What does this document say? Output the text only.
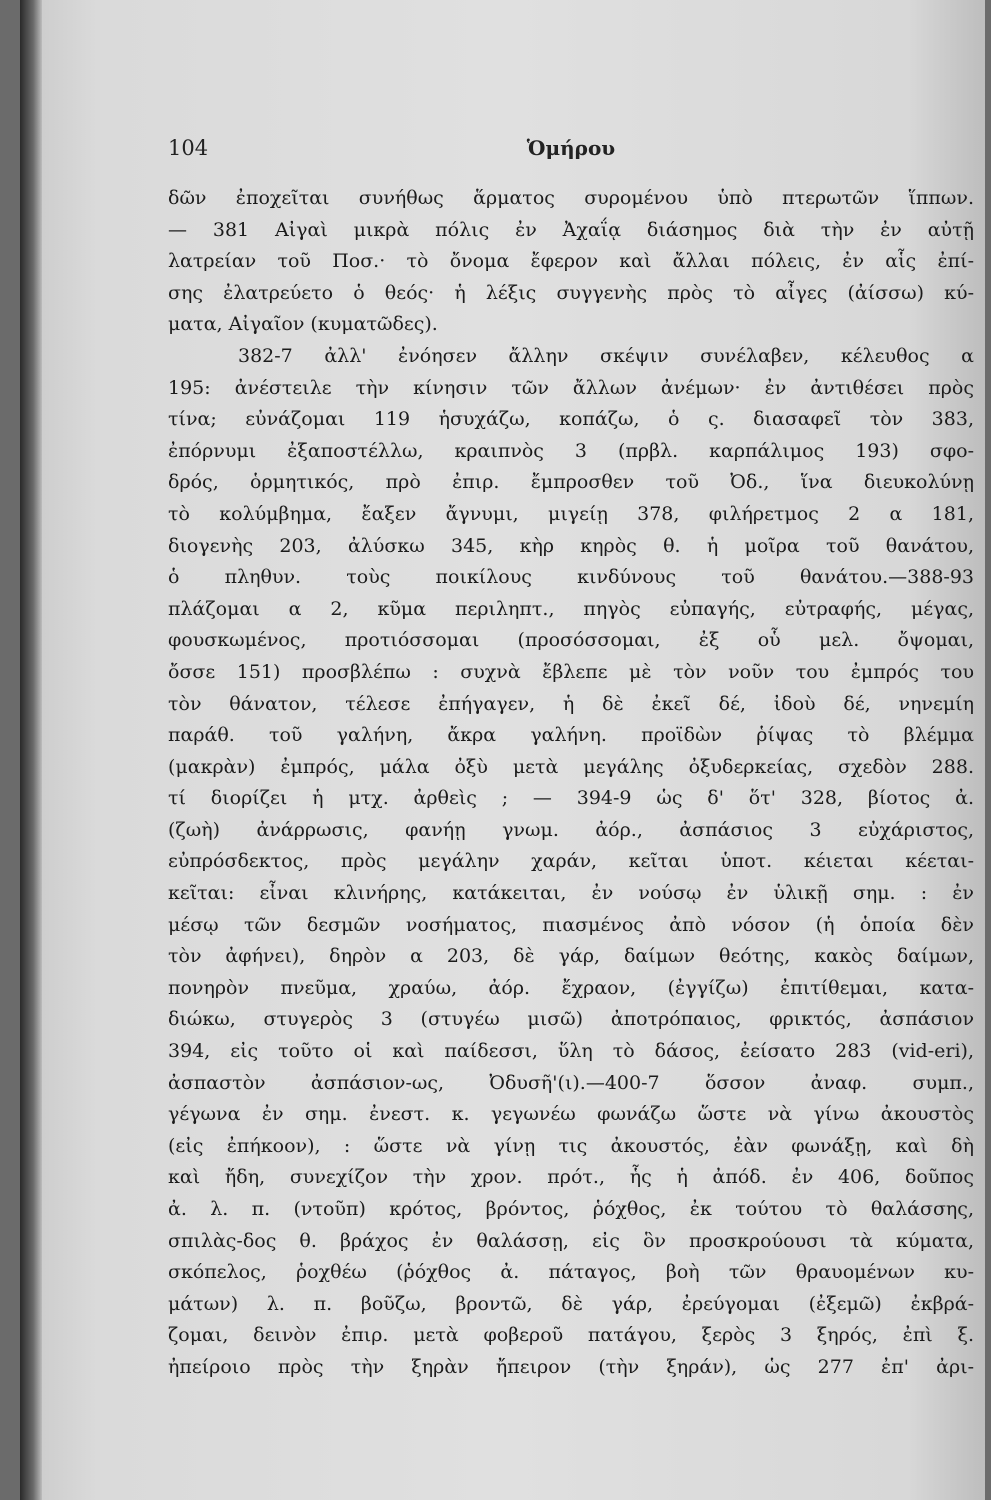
104	Ὁμήρου
δῶν ἐποχεῖται συνήθως ἅρματος συρομένου ὑπὸ πτερωτῶν ἵππων.
— 381 Αἰγαὶ μικρὰ πόλις ἐν Ἀχαΐᾳ διάσημος διὰ τὴν ἐν αὐτῇ
λατρείαν τοῦ Ποσ.· τὸ ὄνομα ἔφερον καὶ ἄλλαι πόλεις, ἐν αἷς ἐπί-
σης ἐλατρεύετο ὁ θεός· ἡ λέξις συγγενὴς πρὸς τὸ αἶγες (ἀίσσω) κύ-
ματα, Αἰγαῖον (κυματῶδες).
382-7 ἀλλ' ἐνόησεν ἄλλην σκέψιν συνέλαβεν, κέλευθος α
195: ἀνέστειλε τὴν κίνησιν τῶν ἄλλων ἀνέμων· ἐν ἀντιθέσει πρὸς
τίνα; εὐνάζομαι 119 ἡσυχάζω, κοπάζω, ὁ ς. διασαφεῖ τὸν 383,
ἐπόρνυμι ἐξαποστέλλω, κραιπνὸς 3 (πρβλ. καρπάλιμος 193) σφο-
δρός, ὁρμητικός, πρὸ ἐπιρ. ἔμπροσθεν τοῦ Ὀδ., ἵνα διευκολύνῃ
τὸ κολύμβημα, ἔαξεν ἄγνυμι, μιγείῃ 378, φιλήρετμος 2 α 181,
διογενὴς 203, ἀλύσκω 345, κὴρ κηρὸς θ. ἡ μοῖρα τοῦ θανάτου,
ὁ πληθυν. τοὺς ποικίλους κινδύνους τοῦ θανάτου.—388-93
πλάζομαι α 2, κῦμα περιληπτ., πηγὸς εὐπαγής, εὐτραφής, μέγας,
φουσκωμένος, προτιόσσομαι (προσόσσομαι, ἐξ οὗ μελ. ὄψομαι,
ὄσσε 151) προσβλέπω : συχνὰ ἔβλεπε μὲ τὸν νοῦν του ἐμπρός του
τὸν θάνατον, τέλεσε ἐπήγαγεν, ἡ δὲ ἐκεῖ δέ, ἰδοὺ δέ, νηνεμίη
παράθ. τοῦ γαλήνη, ἄκρα γαλήνη. προϊδὼν ῥίψας τὸ βλέμμα
(μακρὰν) ἐμπρός, μάλα ὀξὺ μετὰ μεγάλης ὀξυδερκείας, σχεδὸν 288.
τί διορίζει ἡ μτχ. ἀρθεὶς ; — 394-9 ὡς δ' ὅτ' 328, βίοτος ἀ.
(ζωὴ) ἀνάρρωσις, φανήῃ γνωμ. ἀόρ., ἀσπάσιος 3 εὐχάριστος,
εὐπρόσδεκτος, πρὸς μεγάλην χαράν, κεῖται ὑποτ. κέιεται κέεται-
κεῖται: εἶναι κλινήρης, κατάκειται, ἐν νούσῳ ἐν ὑλικῇ σημ. : ἐν
μέσῳ τῶν δεσμῶν νοσήματος, πιασμένος ἀπὸ νόσον (ἡ ὁποία δὲν
τὸν ἀφήνει), δηρὸν α 203, δὲ γάρ, δαίμων θεότης, κακὸς δαίμων,
πονηρὸν πνεῦμα, χραύω, ἀόρ. ἔχραον, (ἐγγίζω) ἐπιτίθεμαι, κατα-
διώκω, στυγερὸς 3 (στυγέω μισῶ) ἀποτρόπαιος, φρικτός, ἀσπάσιον
394, εἰς τοῦτο οἱ καὶ παίδεσσι, ὕλη τὸ δάσος, ἐείσατο 283 (vid-eri),
ἀσπαστὸν ἀσπάσιον-ως, Ὀδυσῆ'(ι).—400-7 ὅσσον ἀναφ. συμπ.,
γέγωνα ἐν σημ. ἐνεστ. κ. γεγωνέω φωνάζω ὥστε νὰ γίνω ἀκουστὸς
(εἰς ἐπήκοον), : ὥστε νὰ γίνῃ τις ἀκουστός, ἐὰν φωνάξῃ, καὶ δὴ
καὶ ἤδη, συνεχίζον τὴν χρον. πρότ., ἧς ἡ ἀπόδ. ἐν 406, δοῦπος
ἀ. λ. π. (ντοῦπ) κρότος, βρόντος, ῥόχθος, ἐκ τούτου τὸ θαλάσσης,
σπιλὰς-δος θ. βράχος ἐν θαλάσσῃ, εἰς ὃν προσκρούουσι τὰ κύματα,
σκόπελος, ῥοχθέω (ῥόχθος ἀ. πάταγος, βοὴ τῶν θραυομένων κυ-
μάτων) λ. π. βοῦζω, βροντῶ, δὲ γάρ, ἐρεύγομαι (ἐξεμῶ) ἐκβρά-
ζομαι, δεινὸν ἐπιρ. μετὰ φοβεροῦ πατάγου, ξερὸς 3 ξηρός, ἐπὶ ξ.
ἠπείροιο πρὸς τὴν ξηρὰν ἤπειρον (τὴν ξηράν), ὡς 277 ἐπ' ἀρι-
